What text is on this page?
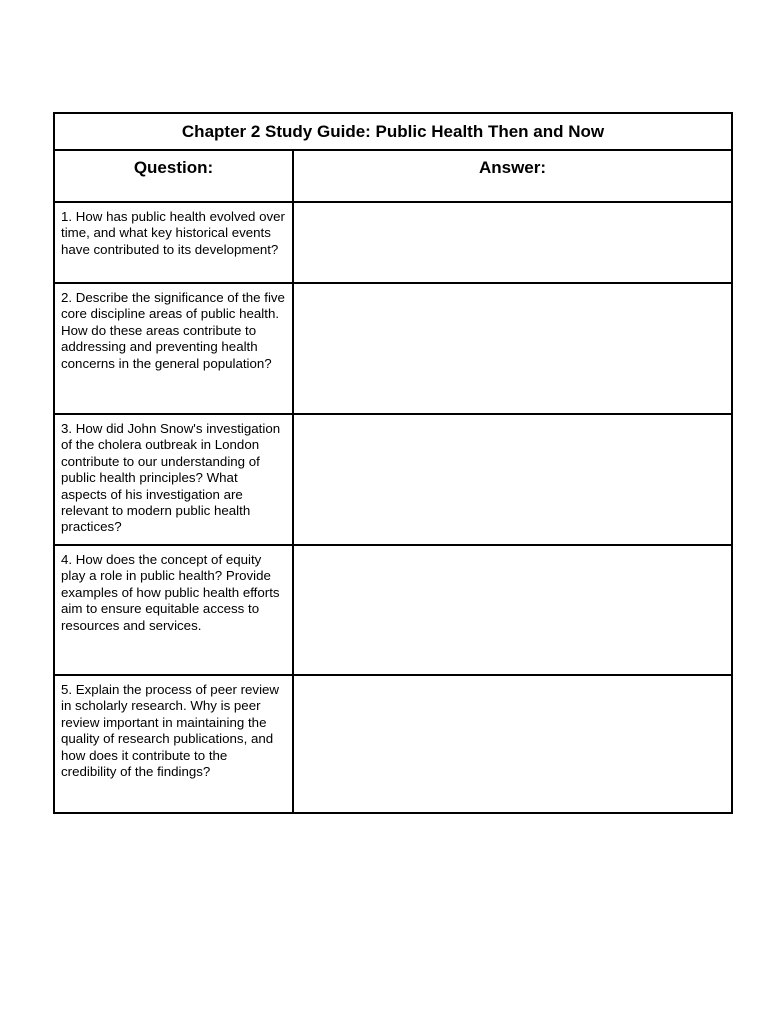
Chapter 2 Study Guide: Public Health Then and Now	

Question:	Answer:

1. How has public health evolved over time, and what key historical events have contributed to its development?	

2. Describe the significance of the five core discipline areas of public health. How do these areas contribute to addressing and preventing health concerns in the general population?	

3. How did John Snow's investigation of the cholera outbreak in London contribute to our understanding of public health principles? What aspects of his investigation are relevant to modern public health practices?	

4. How does the concept of equity play a role in public health? Provide examples of how public health efforts aim to ensure equitable access to resources and services.	

5. Explain the process of peer review in scholarly research. Why is peer review important in maintaining the quality of research publications, and how does it contribute to the credibility of the findings?	
